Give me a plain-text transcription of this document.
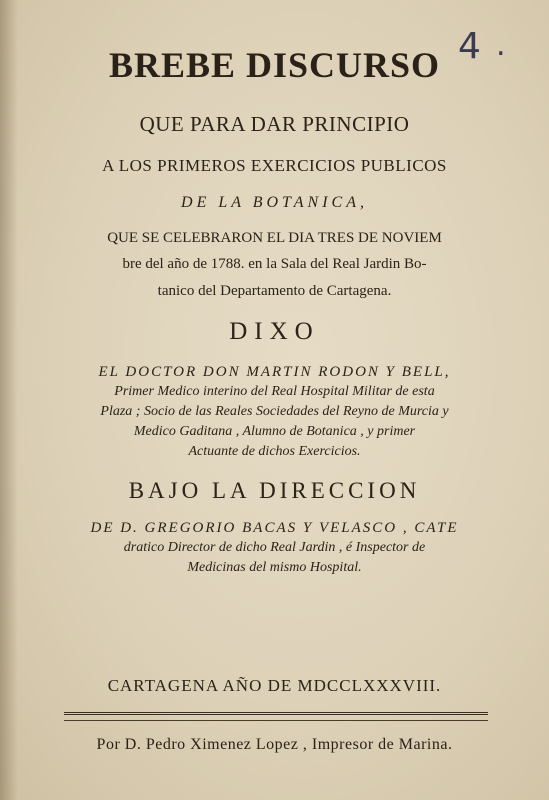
4 .
BREBE DISCURSO
QUE PARA DAR PRINCIPIO
A LOS PRIMEROS EXERCICIOS PUBLICOS
DE LA BOTANICA,
QUE SE CELEBRARON EL DIA TRES DE NOVIEM
bre del año de 1788. en la Sala del Real Jardin Bo-
tanico del Departamento de Cartagena.
DIXO
EL DOCTOR DON MARTIN RODON Y BELL,
Primer Medico interino del Real Hospital Militar de esta
Plaza ; Socio de las Reales Sociedades del Reyno de Murcia y
Medico Gaditana , Alumno de Botanica , y primer
Actuante de dichos Exercicios.
BAJO LA DIRECCION
DE D. GREGORIO BACAS Y VELASCO , CATE
dratico Director de dicho Real Jardin , é Inspector de
Medicinas del mismo Hospital.
CARTAGENA AÑO DE MDCCLXXXVIII.
Por D. Pedro Ximenez Lopez , Impresor de Marina.
